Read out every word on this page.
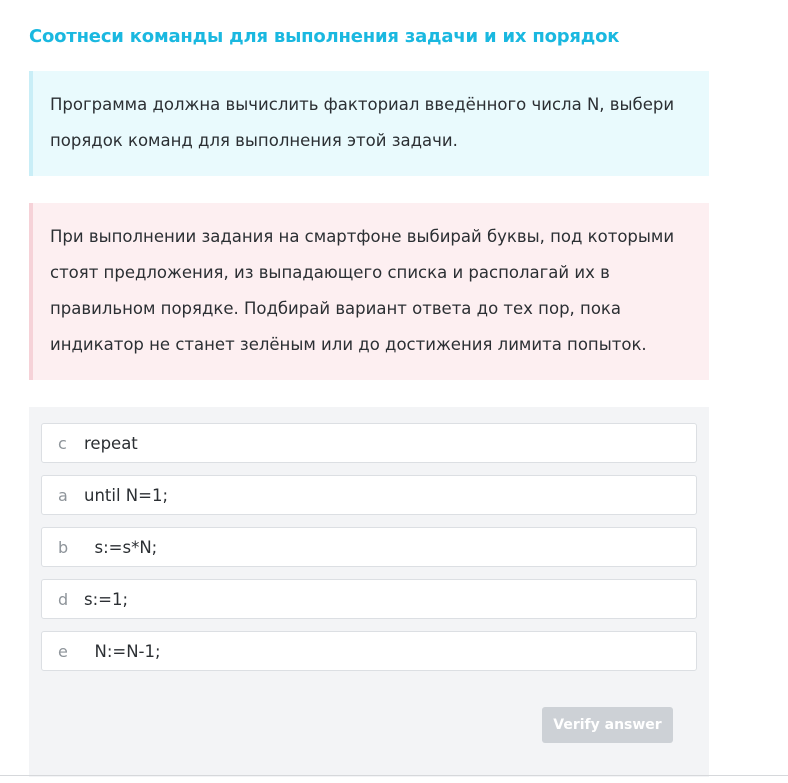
Соотнеси команды для выполнения задачи и их порядок

Программа должна вычислить факториал введённого числа N, выбери

порядок команд для выполнения этой задачи.

При выполнении задания на смартфоне выбирай буквы, под которыми

стоят предложения, из выпадающего списка и располагай их в

правильном порядке. Подбирай вариант ответа до тех пор, пока

индикатор не станет зелёным или до достижения лимита попыток.

c	repeat
a until N=1;
b s:=s*N;
d s:=1;
e N:=N-1;
Verify answer
